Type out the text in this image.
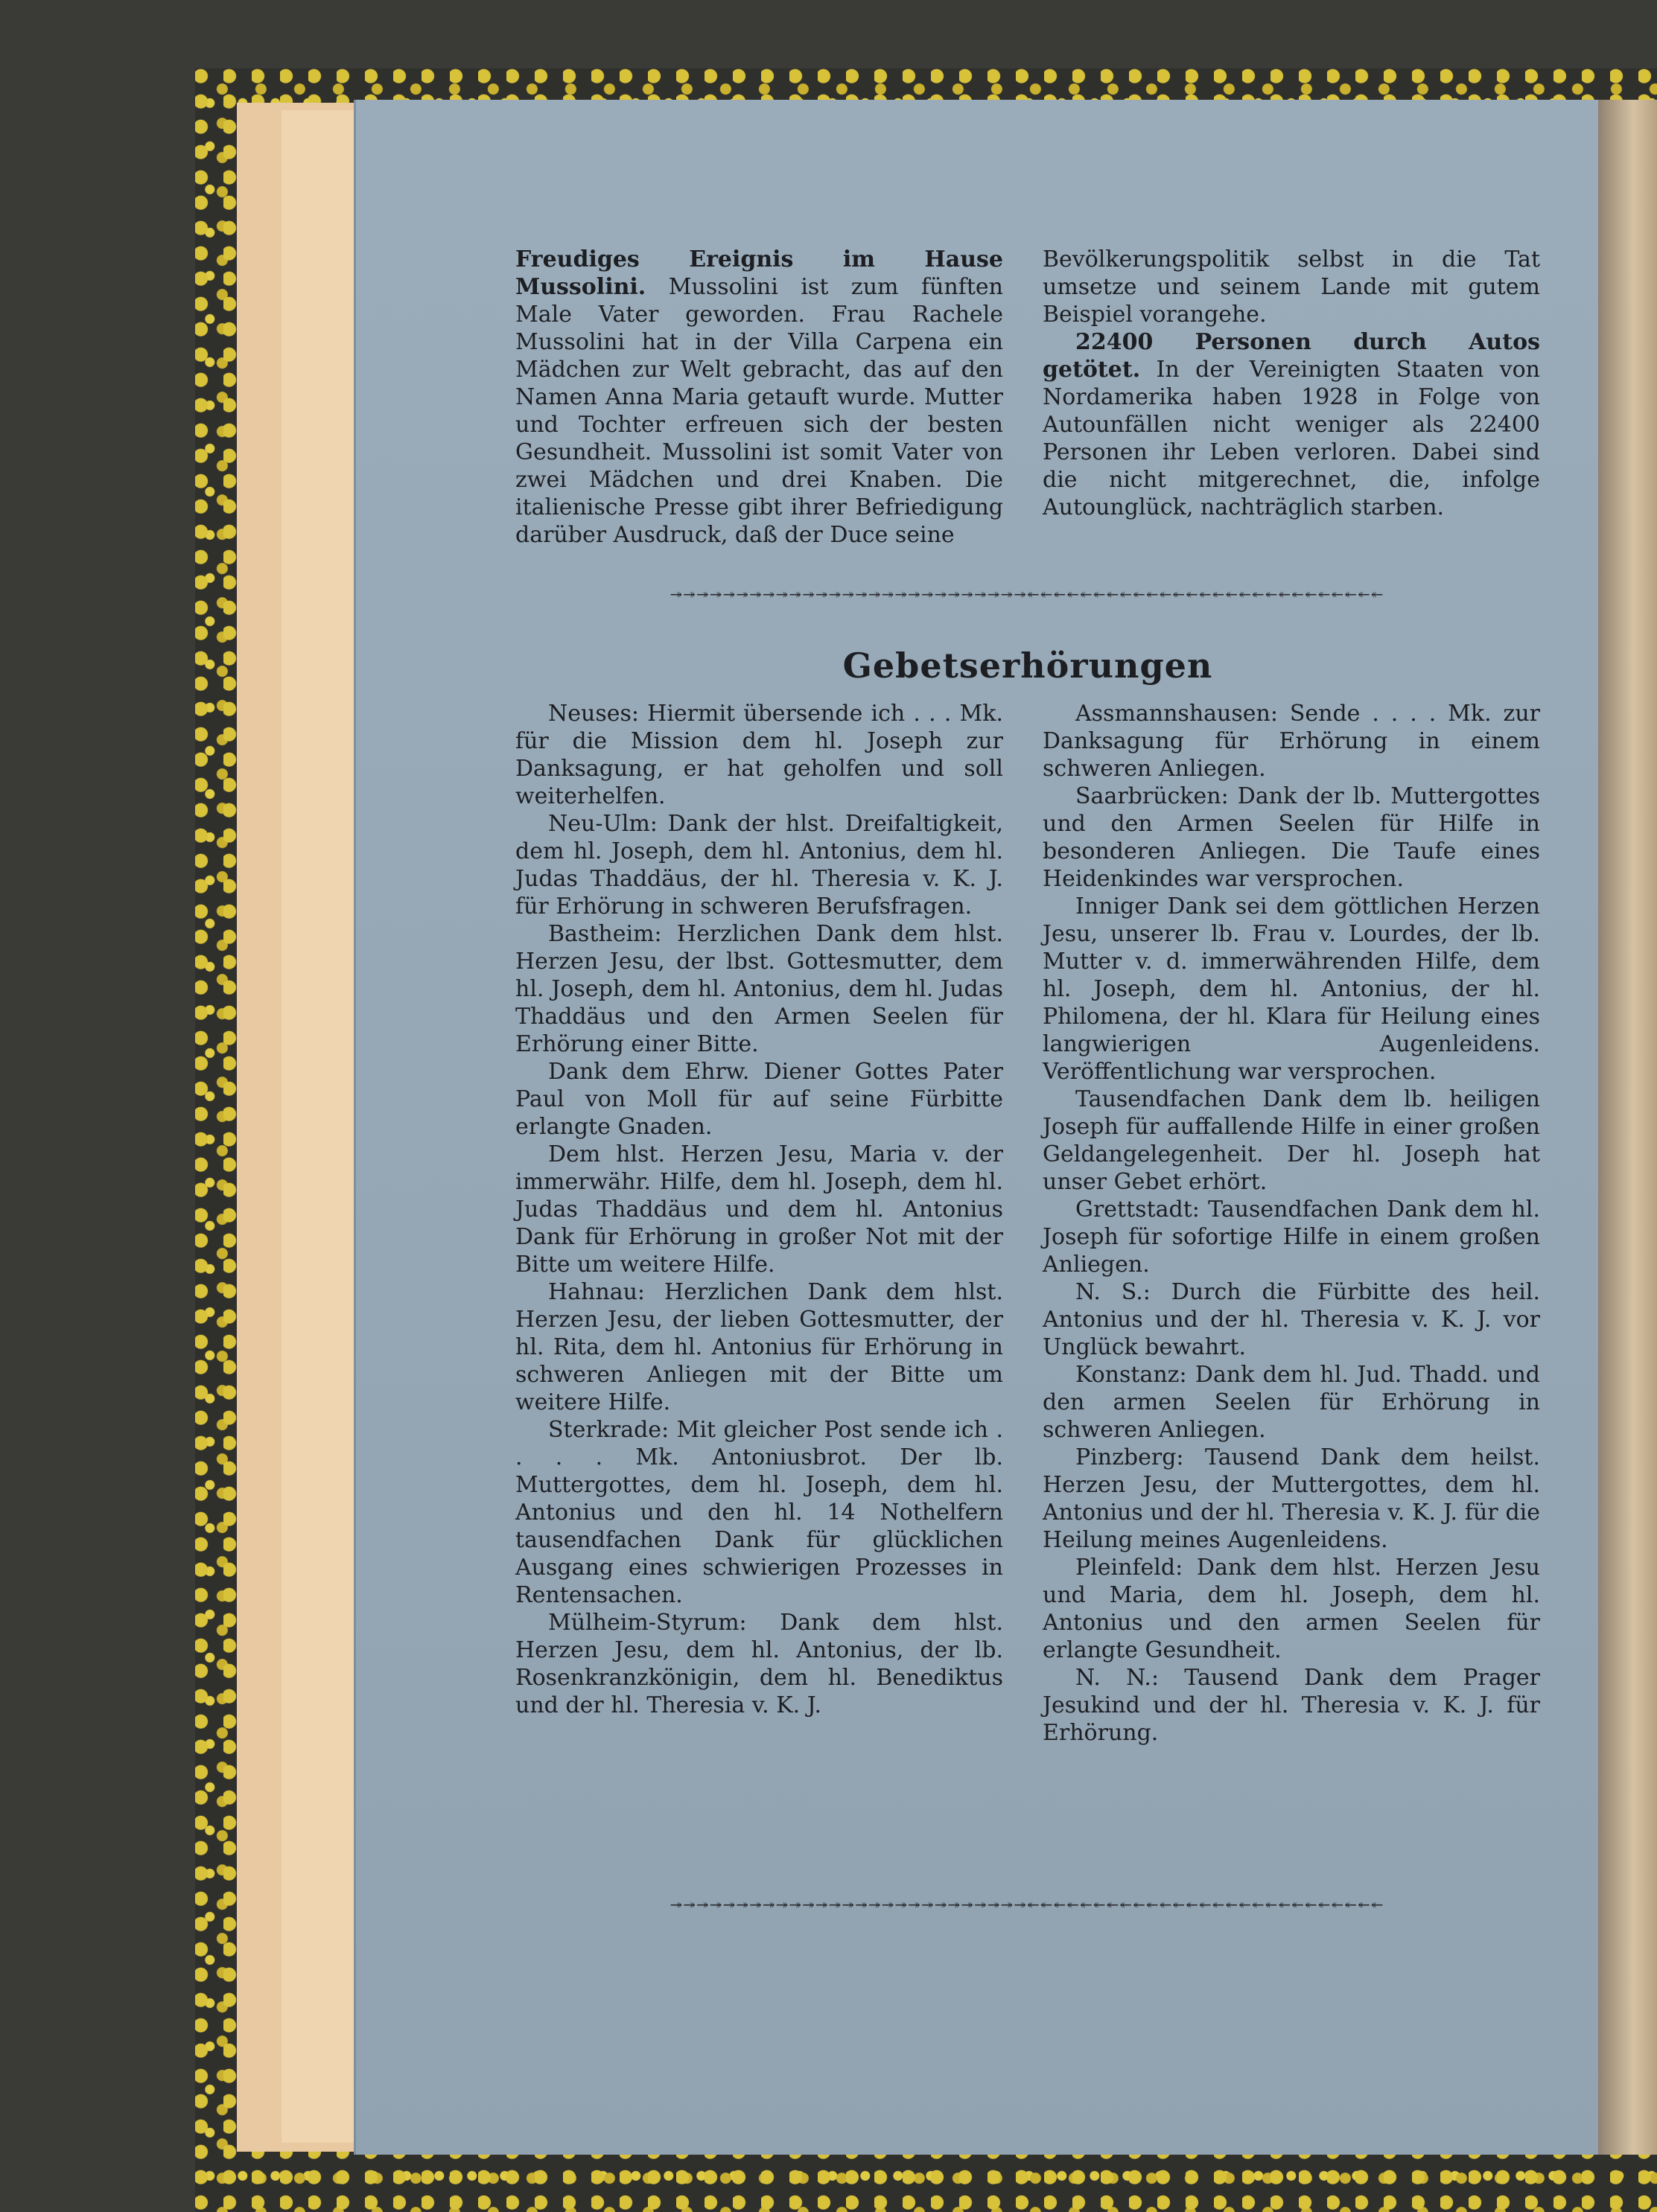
Freudiges Ereignis im Hause Mussolini. Mussolini ist zum fünften Male Vater geworden. Frau Rachele Mussolini hat in der Villa Carpena ein Mädchen zur Welt gebracht, das auf den Namen Anna Maria getauft wurde. Mutter und Tochter erfreuen sich der besten Gesundheit. Mussolini ist somit Vater von zwei Mädchen und drei Knaben. Die italienische Presse gibt ihrer Befriedigung darüber Ausdruck, daß der Duce seine

Bevölkerungspolitik selbst in die Tat umsetze und seinem Lande mit gutem Beispiel vorangehe.

22400 Personen durch Autos getötet. In der Vereinigten Staaten von Nordamerika haben 1928 in Folge von Autounfällen nicht weniger als 22400 Personen ihr Leben verloren. Dabei sind die nicht mitgerechnet, die, infolge Autounglück, nachträglich starben.

↠↠↠↠↠↠↠↠↠↠↠↠↠↠↠↠↠↠↠↠↠↠↠↠↠↠↠↞↞↞↞↞↞↞↞↞↞↞↞↞↞↞↞↞↞↞↞↞↞↞↞↞↞↞
Gebetserhörungen

Neuses: Hiermit übersende ich . . . Mk. für die Mission dem hl. Joseph zur Danksagung, er hat geholfen und soll weiterhelfen.

Neu-Ulm: Dank der hlst. Dreifaltigkeit, dem hl. Joseph, dem hl. Antonius, dem hl. Judas Thaddäus, der hl. Theresia v. K. J. für Erhörung in schweren Berufsfragen.

Bastheim: Herzlichen Dank dem hlst. Herzen Jesu, der lbst. Gottesmutter, dem hl. Joseph, dem hl. Antonius, dem hl. Judas Thaddäus und den Armen Seelen für Erhörung einer Bitte.

Dank dem Ehrw. Diener Gottes Pater Paul von Moll für auf seine Fürbitte erlangte Gnaden.

Dem hlst. Herzen Jesu, Maria v. der immerwähr. Hilfe, dem hl. Joseph, dem hl. Judas Thaddäus und dem hl. Antonius Dank für Erhörung in großer Not mit der Bitte um weitere Hilfe.

Hahnau: Herzlichen Dank dem hlst. Herzen Jesu, der lieben Gottesmutter, der hl. Rita, dem hl. Antonius für Erhörung in schweren Anliegen mit der Bitte um weitere Hilfe.

Sterkrade: Mit gleicher Post sende ich . . . . Mk. Antoniusbrot. Der lb. Muttergottes, dem hl. Joseph, dem hl. Antonius und den hl. 14 Nothelfern tausendfachen Dank für glücklichen Ausgang eines schwierigen Prozesses in Rentensachen.

Mülheim-Styrum: Dank dem hlst. Herzen Jesu, dem hl. Antonius, der lb. Rosenkranzkönigin, dem hl. Benediktus und der hl. Theresia v. K. J.

Assmannshausen: Sende . . . . Mk. zur Danksagung für Erhörung in einem schweren Anliegen.

Saarbrücken: Dank der lb. Muttergottes und den Armen Seelen für Hilfe in besonderen Anliegen. Die Taufe eines Heidenkindes war versprochen.

Inniger Dank sei dem göttlichen Herzen Jesu, unserer lb. Frau v. Lourdes, der lb. Mutter v. d. immerwährenden Hilfe, dem hl. Joseph, dem hl. Antonius, der hl. Philomena, der hl. Klara für Heilung eines langwierigen Augenleidens. Veröffentlichung war versprochen.

Tausendfachen Dank dem lb. heiligen Joseph für auffallende Hilfe in einer großen Geldangelegenheit. Der hl. Joseph hat unser Gebet erhört.

Grettstadt: Tausendfachen Dank dem hl. Joseph für sofortige Hilfe in einem großen Anliegen.

N. S.: Durch die Fürbitte des heil. Antonius und der hl. Theresia v. K. J. vor Unglück bewahrt.

Konstanz: Dank dem hl. Jud. Thadd. und den armen Seelen für Erhörung in schweren Anliegen.

Pinzberg: Tausend Dank dem heilst. Herzen Jesu, der Muttergottes, dem hl. Antonius und der hl. Theresia v. K. J. für die Heilung meines Augenleidens.

Pleinfeld: Dank dem hlst. Herzen Jesu und Maria, dem hl. Joseph, dem hl. Antonius und den armen Seelen für erlangte Gesundheit.

N. N.: Tausend Dank dem Prager Jesukind und der hl. Theresia v. K. J. für Erhörung.

↠↠↠↠↠↠↠↠↠↠↠↠↠↠↠↠↠↠↠↠↠↠↠↠↠↠↠↞↞↞↞↞↞↞↞↞↞↞↞↞↞↞↞↞↞↞↞↞↞↞↞↞↞↞
